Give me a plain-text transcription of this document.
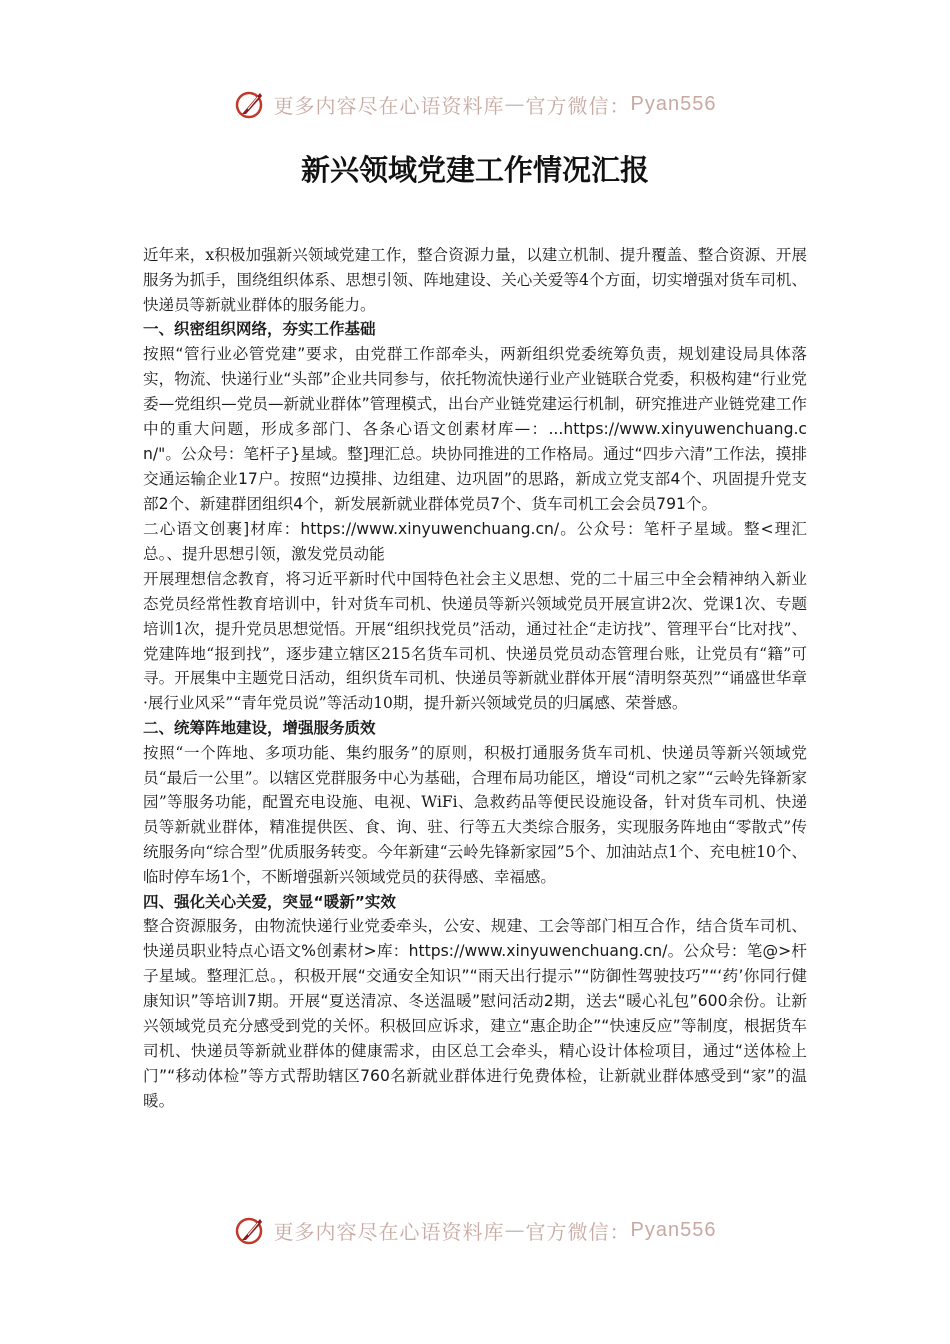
更多内容尽在心语资料库 — 官方微信： Pyan556
新兴领域党建工作情况汇报

近年来，x积极加强新兴领域党建工作，整合资源力量，以建立机制、提升覆盖、整合资源、开展服务为抓手，围绕组织体系、思想引领、阵地建设、关心关爱等4个方面，切实增强对货车司机、快递员等新就业群体的服务能力。

一、织密组织网络，夯实工作基础

按照“管行业必管党建”要求，由党群工作部牵头，两新组织党委统筹负责，规划建设局具体落实，物流、快递行业“头部”企业共同参与，依托物流快递行业产业链联合党委，积极构建“行业党委—党组织—党员—新就业群体”管理模式，出台产业链党建运行机制，研究推进产业链党建工作中的重大问题，形成多部门、各条心语文创素材库—：...https://www.xinyuwenchuang.cn/"。公众号：笔杆子}星域。整]理汇总。块协同推进的工作格局。通过“四步六清”工作法，摸排交通运输企业17户。按照“边摸排、边组建、边巩固”的思路，新成立党支部4个、巩固提升党支部2个、新建群团组织4个，新发展新就业群体党员7个、货车司机工会会员791个。

二心语文创裹]材库：https://www.xinyuwenchuang.cn/。公众号：笔杆子星域。整<理汇总。、提升思想引领，激发党员动能

开展理想信念教育，将习近平新时代中国特色社会主义思想、党的二十届三中全会精神纳入新业态党员经常性教育培训中，针对货车司机、快递员等新兴领域党员开展宣讲2次、党课1次、专题培训1次，提升党员思想觉悟。开展“组织找党员”活动，通过社企“走访找”、管理平台“比对找”、党建阵地“报到找”，逐步建立辖区215名货车司机、快递员党员动态管理台账，让党员有“籍”可寻。开展集中主题党日活动，组织货车司机、快递员等新就业群体开展“清明祭英烈”“诵盛世华章·展行业风采”“青年党员说”等活动10期，提升新兴领域党员的归属感、荣誉感。

二、统筹阵地建设，增强服务质效

按照“一个阵地、多项功能、集约服务”的原则，积极打通服务货车司机、快递员等新兴领域党员“最后一公里”。以辖区党群服务中心为基础，合理布局功能区，增设“司机之家”“云岭先锋新家园”等服务功能，配置充电设施、电视、WiFi、急救药品等便民设施设备，针对货车司机、快递员等新就业群体，精准提供医、食、询、驻、行等五大类综合服务，实现服务阵地由“零散式”传统服务向“综合型”优质服务转变。今年新建“云岭先锋新家园”5个、加油站点1个、充电桩10个、临时停车场1个，不断增强新兴领域党员的获得感、幸福感。

四、强化关心关爱，突显“暖新”实效

整合资源服务，由物流快递行业党委牵头，公安、规建、工会等部门相互合作，结合货车司机、快递员职业特点心语文%创素材>库：https://www.xinyuwenchuang.cn/。公众号：笔@>杆子星域。整理汇总。，积极开展“交通安全知识”“雨天出行提示”“防御性驾驶技巧”“‘药’你同行健康知识”等培训7期。开展“夏送清凉、冬送温暖”慰问活动2期，送去“暖心礼包”600余份。让新兴领域党员充分感受到党的关怀。积极回应诉求，建立“惠企助企”“快速反应”等制度，根据货车司机、快递员等新就业群体的健康需求，由区总工会牵头，精心设计体检项目，通过“送体检上门”“移动体检”等方式帮助辖区760名新就业群体进行免费体检，让新就业群体感受到“家”的温暖。

更多内容尽在心语资料库 — 官方微信： Pyan556
